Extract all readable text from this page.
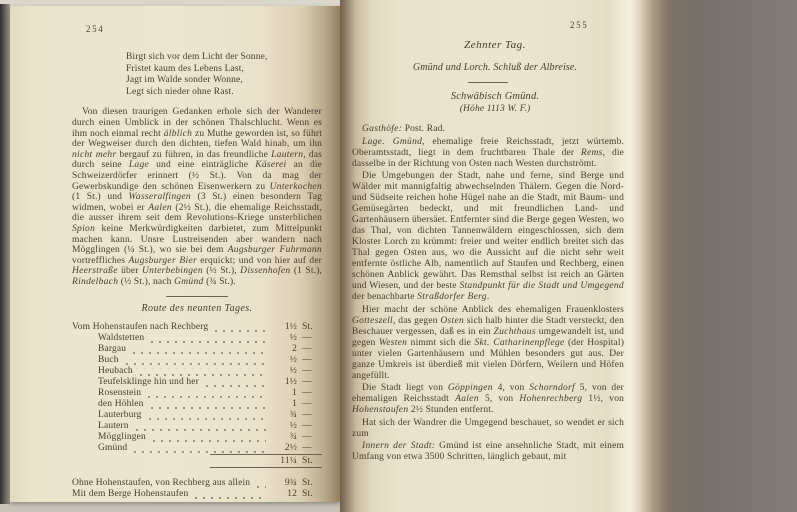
254
Birgt sich vor dem Licht der Sonne,
Fristet kaum des Lebens Last,
Jagt im Walde sonder Wonne,
Legt sich nieder ohne Rast.

Von diesen traurigen Gedanken erhole sich der Wanderer durch einen Umblick in der schönen Thalschlucht. Wenn es ihm noch einmal recht älblich zu Muthe geworden ist, so führt der Wegweiser durch den dichten, tiefen Wald hinab, um ihn nicht mehr bergauf zu führen, in das freundliche Lautern, das durch seine Lage und eine einträgliche Käserei an die Schweizerdörfer erinnert (½ St.). Von da mag der Gewerbskundige den schönen Eisenwerkern zu Unterkochen (1 St.) und Wasseralfingen (3 St.) einen besondern Tag widmen, wobei er Aalen (2½ St.), die ehemalige Reichsstadt, die ausser ihrem seit dem Revolutions-Kriege unsterblichen Spion keine Merkwürdigkeiten darbietet, zum Mittelpunkt machen kann. Unsre Lustreisenden aber wandern nach Mögglingen (¼ St.), wo sie bei dem Augsburger Fuhrmann vortreffliches Augsburger Bier erquickt; und von hier auf der Heerstraße über Unterbebingen (½ St.), Dissenhofen (1 St.), Rindelbach (½ St.), nach Gmünd (¾ St.).

Route des neunten Tages.
Vom Hohenstaufen nach Rechberg	1½ St.
Waldstetten	½ —
Bargau	2 —
Buch	½ —
Heubach	½ —
Teufelsklinge hin und her	1½ —
Rosenstein	1 —
den Höhlen	1 —
Lauterburg	¾ —
Lautern	½ —
Mögglingen	¾ —
Gmünd	2½ —
11¼ St.
Ohne Hohenstaufen, von Rechberg aus allein	9¾ St.
Mit dem Berge Hohenstaufen	12 St.
255
Zehnter Tag.
Gmünd und Lorch. Schluß der Albreise.
Schwäbisch Gmünd.
(Höhe 1113 W. F.)

Gasthöfe: Post. Rad.

Lage. Gmünd, ehemalige freie Reichsstadt, jetzt würtemb. Oberamtsstadt, liegt in dem fruchtbaren Thale der Rems, die dasselbe in der Richtung von Osten nach Westen durchströmt.

Die Umgebungen der Stadt, nahe und ferne, sind Berge und Wälder mit mannigfaltig abwechselnden Thälern. Gegen die Nord- und Südseite reichen hohe Hügel nahe an die Stadt, mit Baum- und Gemüsegärten bedeckt, und mit freundlichen Land- und Gartenhäusern übersäet. Entfernter sind die Berge gegen Westen, wo das Thal, von dichten Tannenwäldern eingeschlossen, sich dem Kloster Lorch zu krümmt: freier und weiter endlich breitet sich das Thal gegen Osten aus, wo die Aussicht auf die nicht sehr weit entfernte östliche Alb, namentlich auf Staufen und Rechberg, einen schönen Anblick gewährt. Das Remsthal selbst ist reich an Gärten und Wiesen, und der beste Standpunkt für die Stadt und Umgegend der benachbarte Straßdorfer Berg.

Hier macht der schöne Anblick des ehemaligen Frauenklosters Gotteszell, das gegen Osten sich halb hinter die Stadt versteckt, den Beschauer vergessen, daß es in ein Zuchthaus umgewandelt ist, und gegen Westen nimmt sich die Skt. Catharinenpflege (der Hospital) unter vielen Gartenhäusern und Mühlen besonders gut aus. Der ganze Umkreis ist überdieß mit vielen Dörfern, Weilern und Höfen angefüllt.

Die Stadt liegt von Göppingen 4, von Schorndorf 5, von der ehemaligen Reichsstadt Aalen 5, von Hohenrechberg 1½, von Hohenstaufen 2½ Stunden entfernt.

Hat sich der Wandrer die Umgegend beschauet, so wendet er sich zum

Innern der Stadt: Gmünd ist eine ansehnliche Stadt, mit einem Umfang von etwa 3500 Schritten, länglich gebaut, mit
